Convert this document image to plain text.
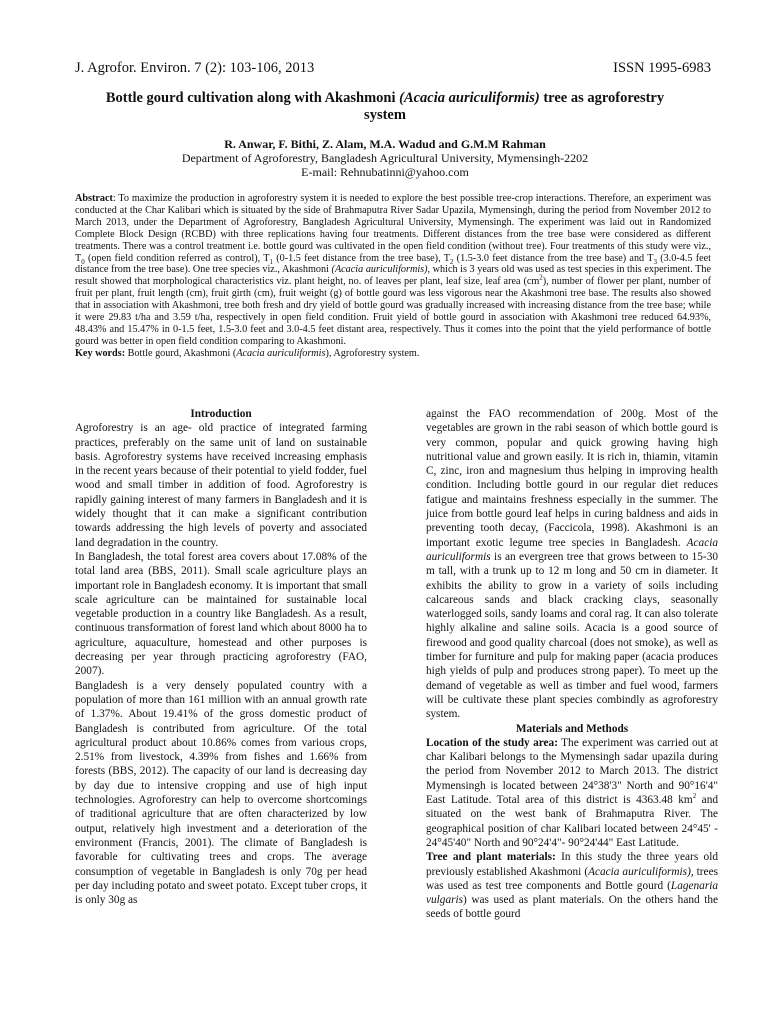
J. Agrofor. Environ. 7 (2): 103-106, 2013	ISSN 1995-6983
Bottle gourd cultivation along with Akashmoni (Acacia auriculiformis) tree as agroforestry system
R. Anwar, F. Bithi, Z. Alam, M.A. Wadud and G.M.M Rahman
Department of Agroforestry, Bangladesh Agricultural University, Mymensingh-2202
E-mail: Rehnubatinni@yahoo.com
Abstract: To maximize the production in agroforestry system it is needed to explore the best possible tree-crop interactions. Therefore, an experiment was conducted at the Char Kalibari which is situated by the side of Brahmaputra River Sadar Upazila, Mymensingh, during the period from November 2012 to March 2013, under the Department of Agroforestry, Bangladesh Agricultural University, Mymensingh. The experiment was laid out in Randomized Complete Block Design (RCBD) with three replications having four treatments. Different distances from the tree base were considered as different treatments. There was a control treatment i.e. bottle gourd was cultivated in the open field condition (without tree). Four treatments of this study were viz., $T_0$ (open field condition referred as control), $T_1$ (0-1.5 feet distance from the tree base), $T_2$ (1.5-3.0 feet distance from the tree base) and $T_3$ (3.0-4.5 feet distance from the tree base). One tree species viz., Akashmoni (Acacia auriculiformis), which is 3 years old was used as test species in this experiment. The result showed that morphological characteristics viz. plant height, no. of leaves per plant, leaf size, leaf area $(cm^2)$, number of flower per plant, number of fruit per plant, fruit length (cm), fruit girth (cm), fruit weight (g) of bottle gourd was less vigorous near the Akashmoni tree base. The results also showed that in association with Akashmoni, tree both fresh and dry yield of bottle gourd was gradually increased with increasing distance from the tree base; while it were 29.83 t/ha and 3.59 t/ha, respectively in open field condition. Fruit yield of bottle gourd in association with Akashmoni tree reduced 64.93%, 48.43% and 15.47% in 0-1.5 feet, 1.5-3.0 feet and 3.0-4.5 feet distant area, respectively. Thus it comes into the point that the yield performance of bottle gourd was better in open field condition comparing to Akashmoni.
Key words: Bottle gourd, Akashmoni (Acacia auriculiformis), Agroforestry system.

Introduction

Agroforestry is an age- old practice of integrated farming practices, preferably on the same unit of land on sustainable basis. Agroforestry systems have received increasing emphasis in the recent years because of their potential to yield fodder, fuel wood and small timber in addition of food. Agroforestry is rapidly gaining interest of many farmers in Bangladesh and it is widely thought that it can make a significant contribution towards addressing the high levels of poverty and associated land degradation in the country.

In Bangladesh, the total forest area covers about 17.08% of the total land area (BBS, 2011). Small scale agriculture plays an important role in Bangladesh economy. It is important that small scale agriculture can be maintained for sustainable local vegetable production in a country like Bangladesh. As a result, continuous transformation of forest land which about 8000 ha to agriculture, aquaculture, homestead and other purposes is decreasing per year through practicing agroforestry (FAO, 2007).

Bangladesh is a very densely populated country with a population of more than 161 million with an annual growth rate of 1.37%. About 19.41% of the gross domestic product of Bangladesh is contributed from agriculture. Of the total agricultural product about 10.86% comes from various crops, 2.51% from livestock, 4.39% from fishes and 1.66% from forests (BBS, 2012). The capacity of our land is decreasing day by day due to intensive cropping and use of high input technologies. Agroforestry can help to overcome shortcomings of traditional agriculture that are often characterized by low output, relatively high investment and a deterioration of the environment (Francis, 2001). The climate of Bangladesh is favorable for cultivating trees and crops. The average consumption of vegetable in Bangladesh is only 70g per head per day including potato and sweet potato. Except tuber crops, it is only 30g as

against the FAO recommendation of 200g. Most of the vegetables are grown in the rabi season of which bottle gourd is very common, popular and quick growing having high nutritional value and grown easily. It is rich in, thiamin, vitamin C, zinc, iron and magnesium thus helping in improving health condition. Including bottle gourd in our regular diet reduces fatigue and maintains freshness especially in the summer. The juice from bottle gourd leaf helps in curing baldness and aids in preventing tooth decay, (Faccicola, 1998). Akashmoni is an important exotic legume tree species in Bangladesh. Acacia auriculiformis is an evergreen tree that grows between to 15-30 m tall, with a trunk up to 12 m long and 50 cm in diameter. It exhibits the ability to grow in a variety of soils including calcareous sands and black cracking clays, seasonally waterlogged soils, sandy loams and coral rag. It can also tolerate highly alkaline and saline soils. Acacia is a good source of firewood and good quality charcoal (does not smoke), as well as timber for furniture and pulp for making paper (acacia produces high yields of pulp and produces strong paper). To meet up the demand of vegetable as well as timber and fuel wood, farmers will be cultivate these plant species combindly as agroforestry system.

Materials and Methods

Location of the study area: The experiment was carried out at char Kalibari belongs to the Mymensingh sadar upazila during the period from November 2012 to March 2013. The district Mymensingh is located between 24°38'3" North and 90°16'4" East Latitude. Total area of this district is 4363.48 $km^2$ and situated on the west bank of Brahmaputra River. The geographical position of char Kalibari located between 24°45' - 24°45'40" North and 90°24'4"- 90°24'44" East Latitude.

Tree and plant materials: In this study the three years old previously established Akashmoni (Acacia auriculiformis), trees was used as test tree components and Bottle gourd (Lagenaria vulgaris) was used as plant materials. On the others hand the seeds of bottle gourd
